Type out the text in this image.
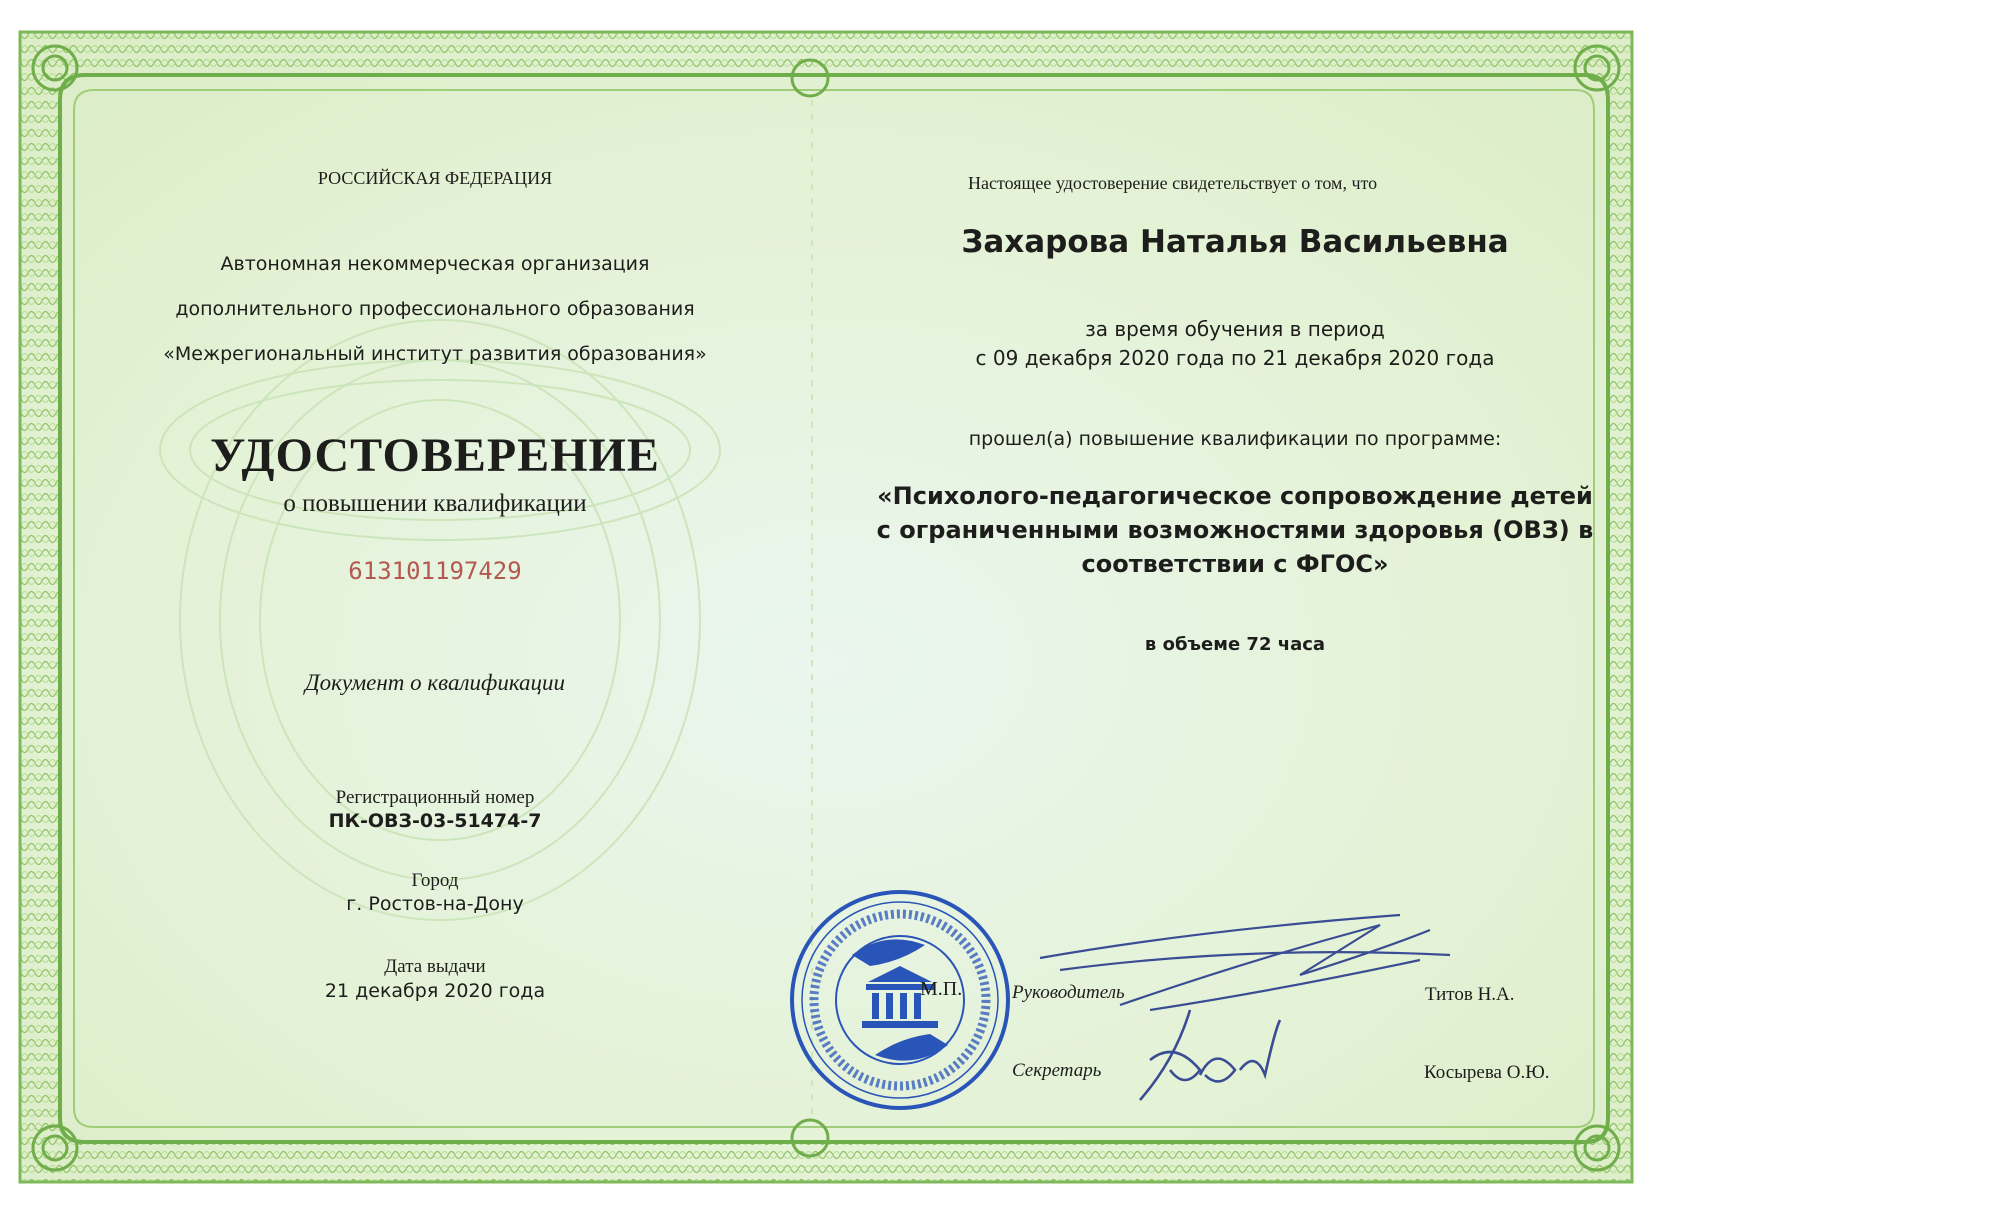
РОССИЙСКАЯ ФЕДЕРАЦИЯ
Автономная некоммерческая организация
дополнительного профессионального образования
«Межрегиональный институт развития образования»
УДОСТОВЕРЕНИЕ
о повышении квалификации
613101197429
Документ о квалификации
Регистрационный номер
ПК-ОВЗ-03-51474-7
Город
г. Ростов-на-Дону
Дата выдачи
21 декабря 2020 года
Настоящее удостоверение свидетельствует о том, что
Захарова Наталья Васильевна
за время обучения в период
с 09 декабря 2020 года по 21 декабря 2020 года
прошел(а) повышение квалификации по программе:
«Психолого-педагогическое сопровождение детей
с ограниченными возможностями здоровья (ОВЗ) в
соответствии с ФГОС»
в объеме 72 часа
М.П.	Руководитель	Титов Н.А.
Секретарь	Косырева О.Ю.
